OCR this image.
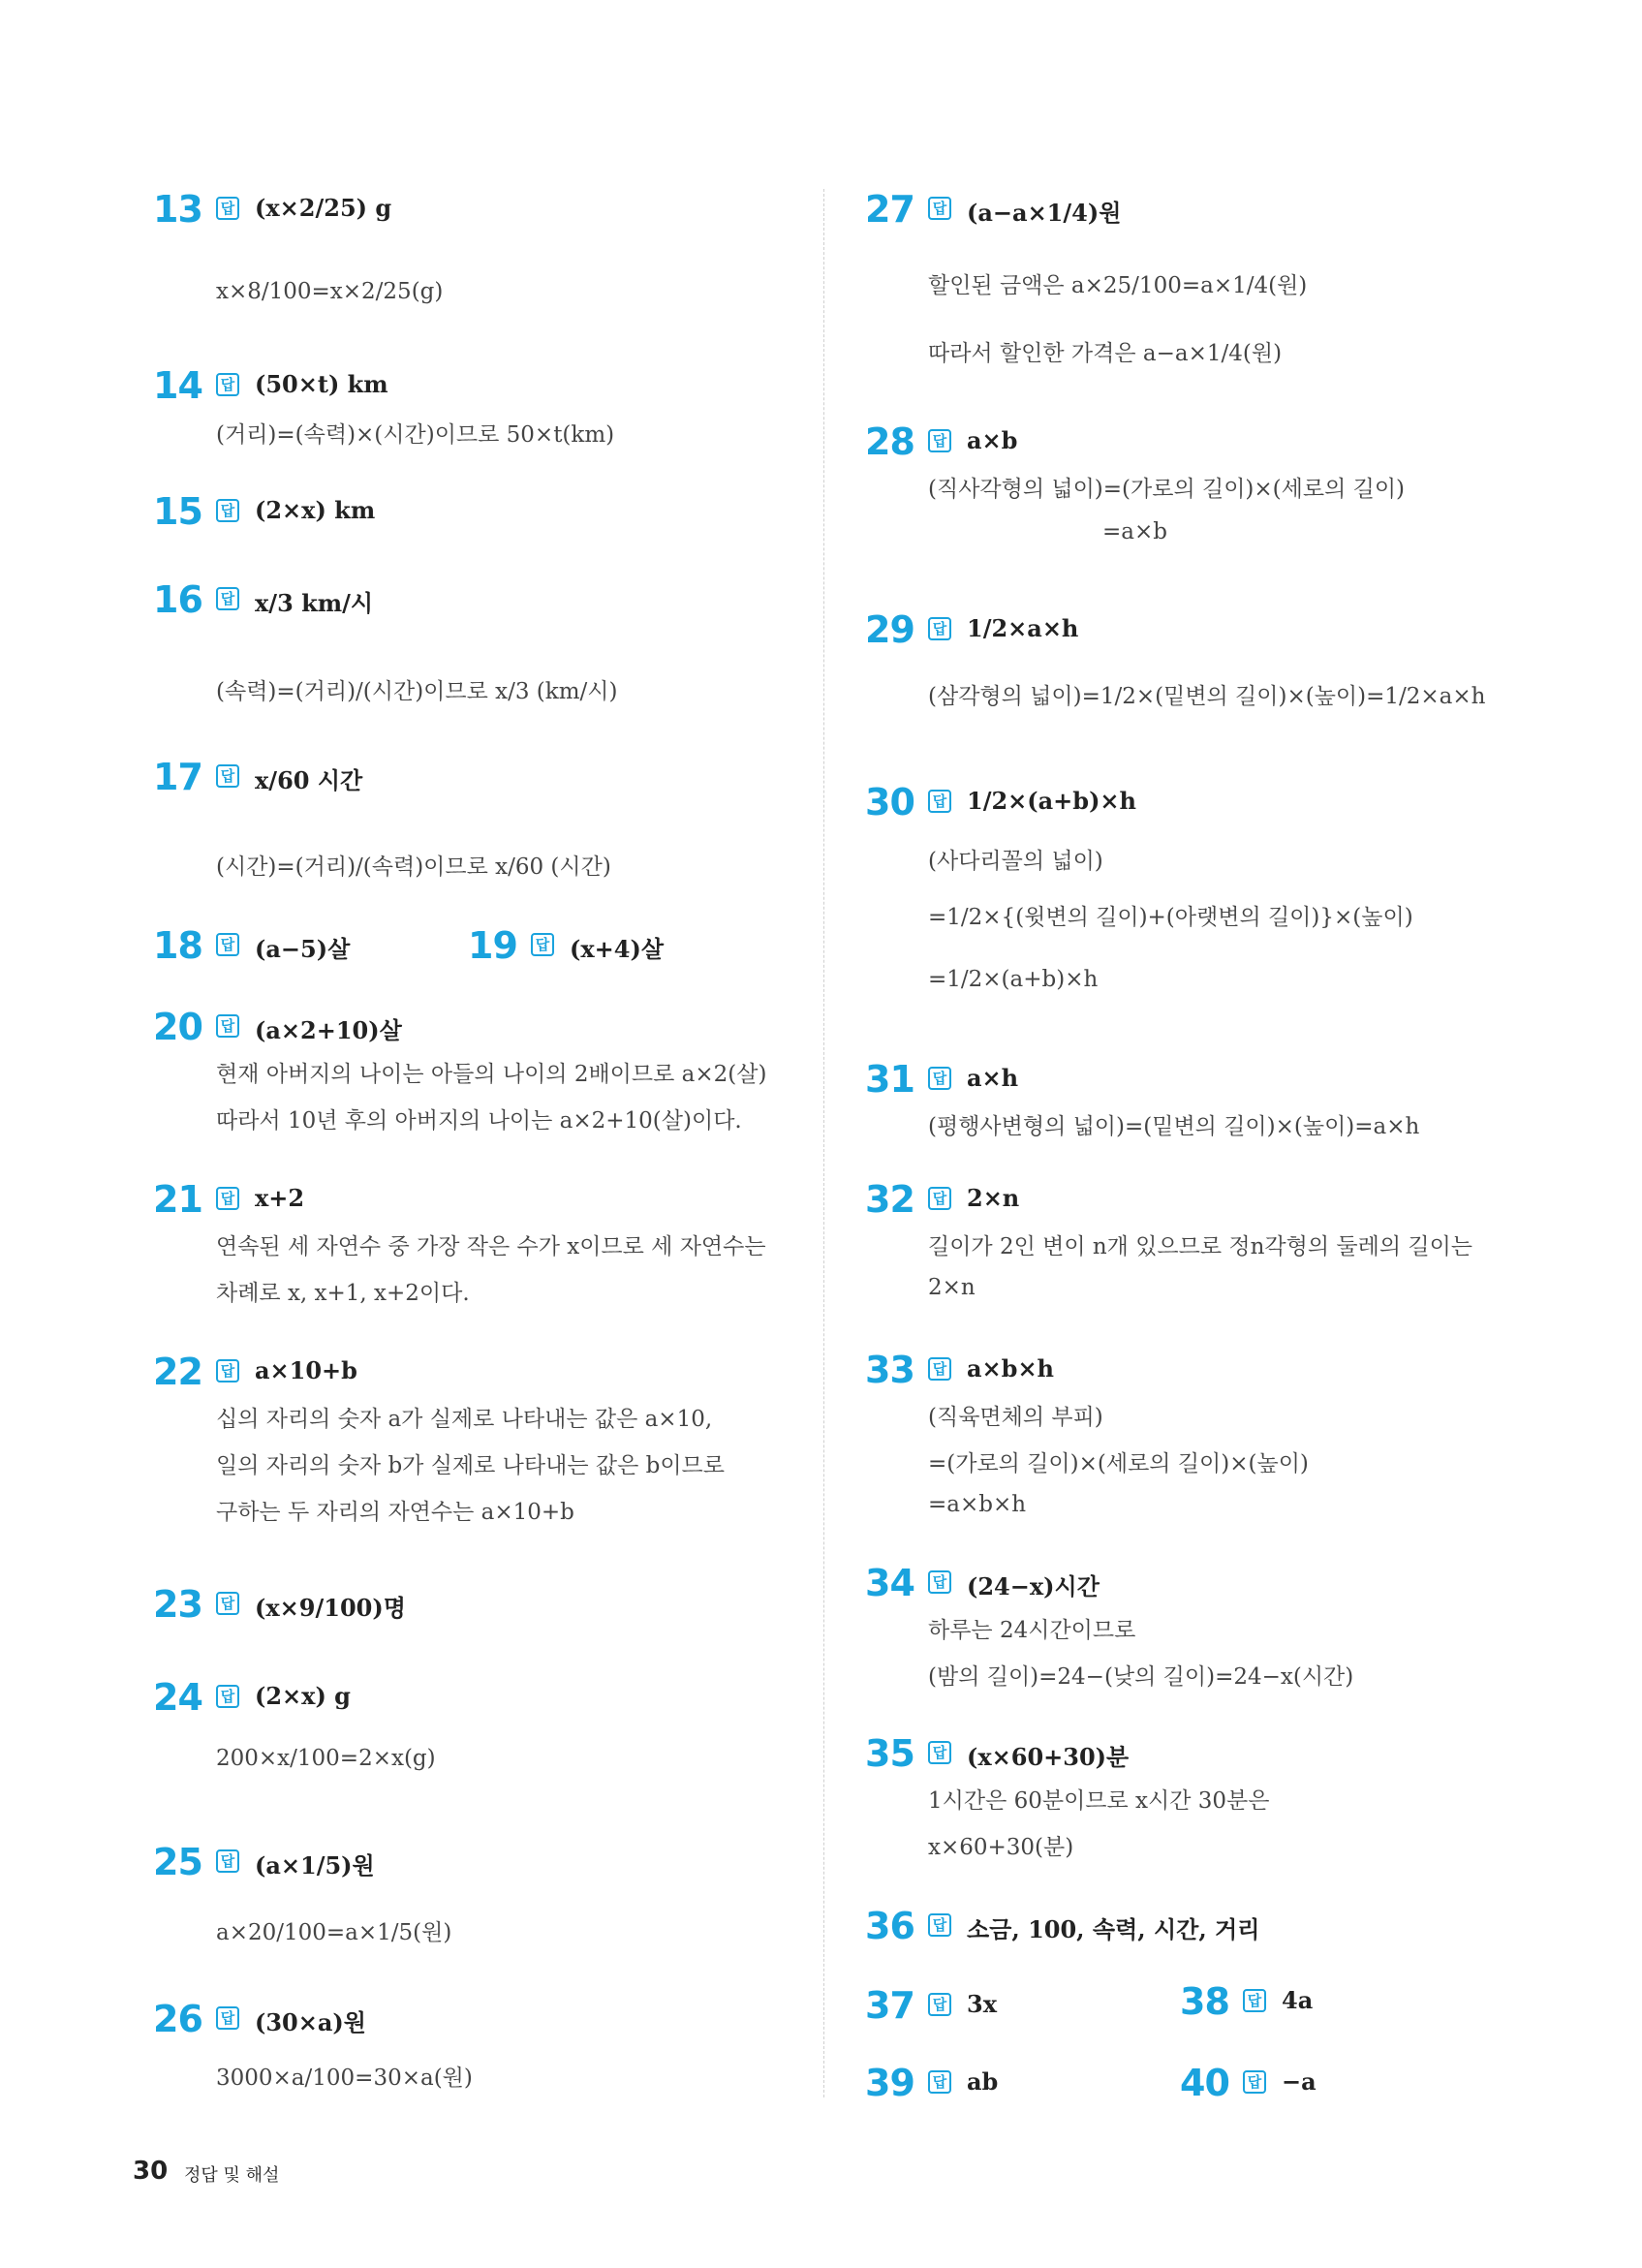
13	답 (x×2/25) g
x×8/100=x×2/25(g)
14	답 (50×t) km
(거리)=(속력)×(시간)이므로 50×t(km)
15	답 (2×x) km
16	답 x/3 km/시
(속력)=(거리)/(시간)이므로 x/3 (km/시)
17	답 x/60 시간
(시간)=(거리)/(속력)이므로 x/60 (시간)
18	답 (a−5)살	19	답 (x+4)살
20	답 (a×2+10)살
현재 아버지의 나이는 아들의 나이의 2배이므로 a×2(살)
따라서 10년 후의 아버지의 나이는 a×2+10(살)이다.
21	답 x+2
연속된 세 자연수 중 가장 작은 수가 x이므로 세 자연수는
차례로 x, x+1, x+2이다.
22	답 a×10+b
십의 자리의 숫자 a가 실제로 나타내는 값은 a×10,
일의 자리의 숫자 b가 실제로 나타내는 값은 b이므로
구하는 두 자리의 자연수는 a×10+b
23	답 (x×9/100)명
24	답 (2×x) g
200×x/100=2×x(g)
25	답 (a×1/5)원
a×20/100=a×1/5(원)
26	답 (30×a)원
3000×a/100=30×a(원)
27	답 (a−a×1/4)원
할인된 금액은 a×25/100=a×1/4(원)
따라서 할인한 가격은 a−a×1/4(원)
28	답 a×b
(직사각형의 넓이)=(가로의 길이)×(세로의 길이)
=a×b
29	답 1/2×a×h
(삼각형의 넓이)=1/2×(밑변의 길이)×(높이)=1/2×a×h
30	답 1/2×(a+b)×h
(사다리꼴의 넓이)
=1/2×{(윗변의 길이)+(아랫변의 길이)}×(높이)
=1/2×(a+b)×h
31	답 a×h
(평행사변형의 넓이)=(밑변의 길이)×(높이)=a×h
32	답 2×n
길이가 2인 변이 n개 있으므로 정n각형의 둘레의 길이는
2×n
33	답 a×b×h
(직육면체의 부피)
=(가로의 길이)×(세로의 길이)×(높이)
=a×b×h
34	답 (24−x)시간
하루는 24시간이므로
(밤의 길이)=24−(낮의 길이)=24−x(시간)
35	답 (x×60+30)분
1시간은 60분이므로 x시간 30분은
x×60+30(분)
36	답 소금, 100, 속력, 시간, 거리
37	답 3x	38	답 4a
39	답 ab	40	답 −a
30 정답 및 해설
